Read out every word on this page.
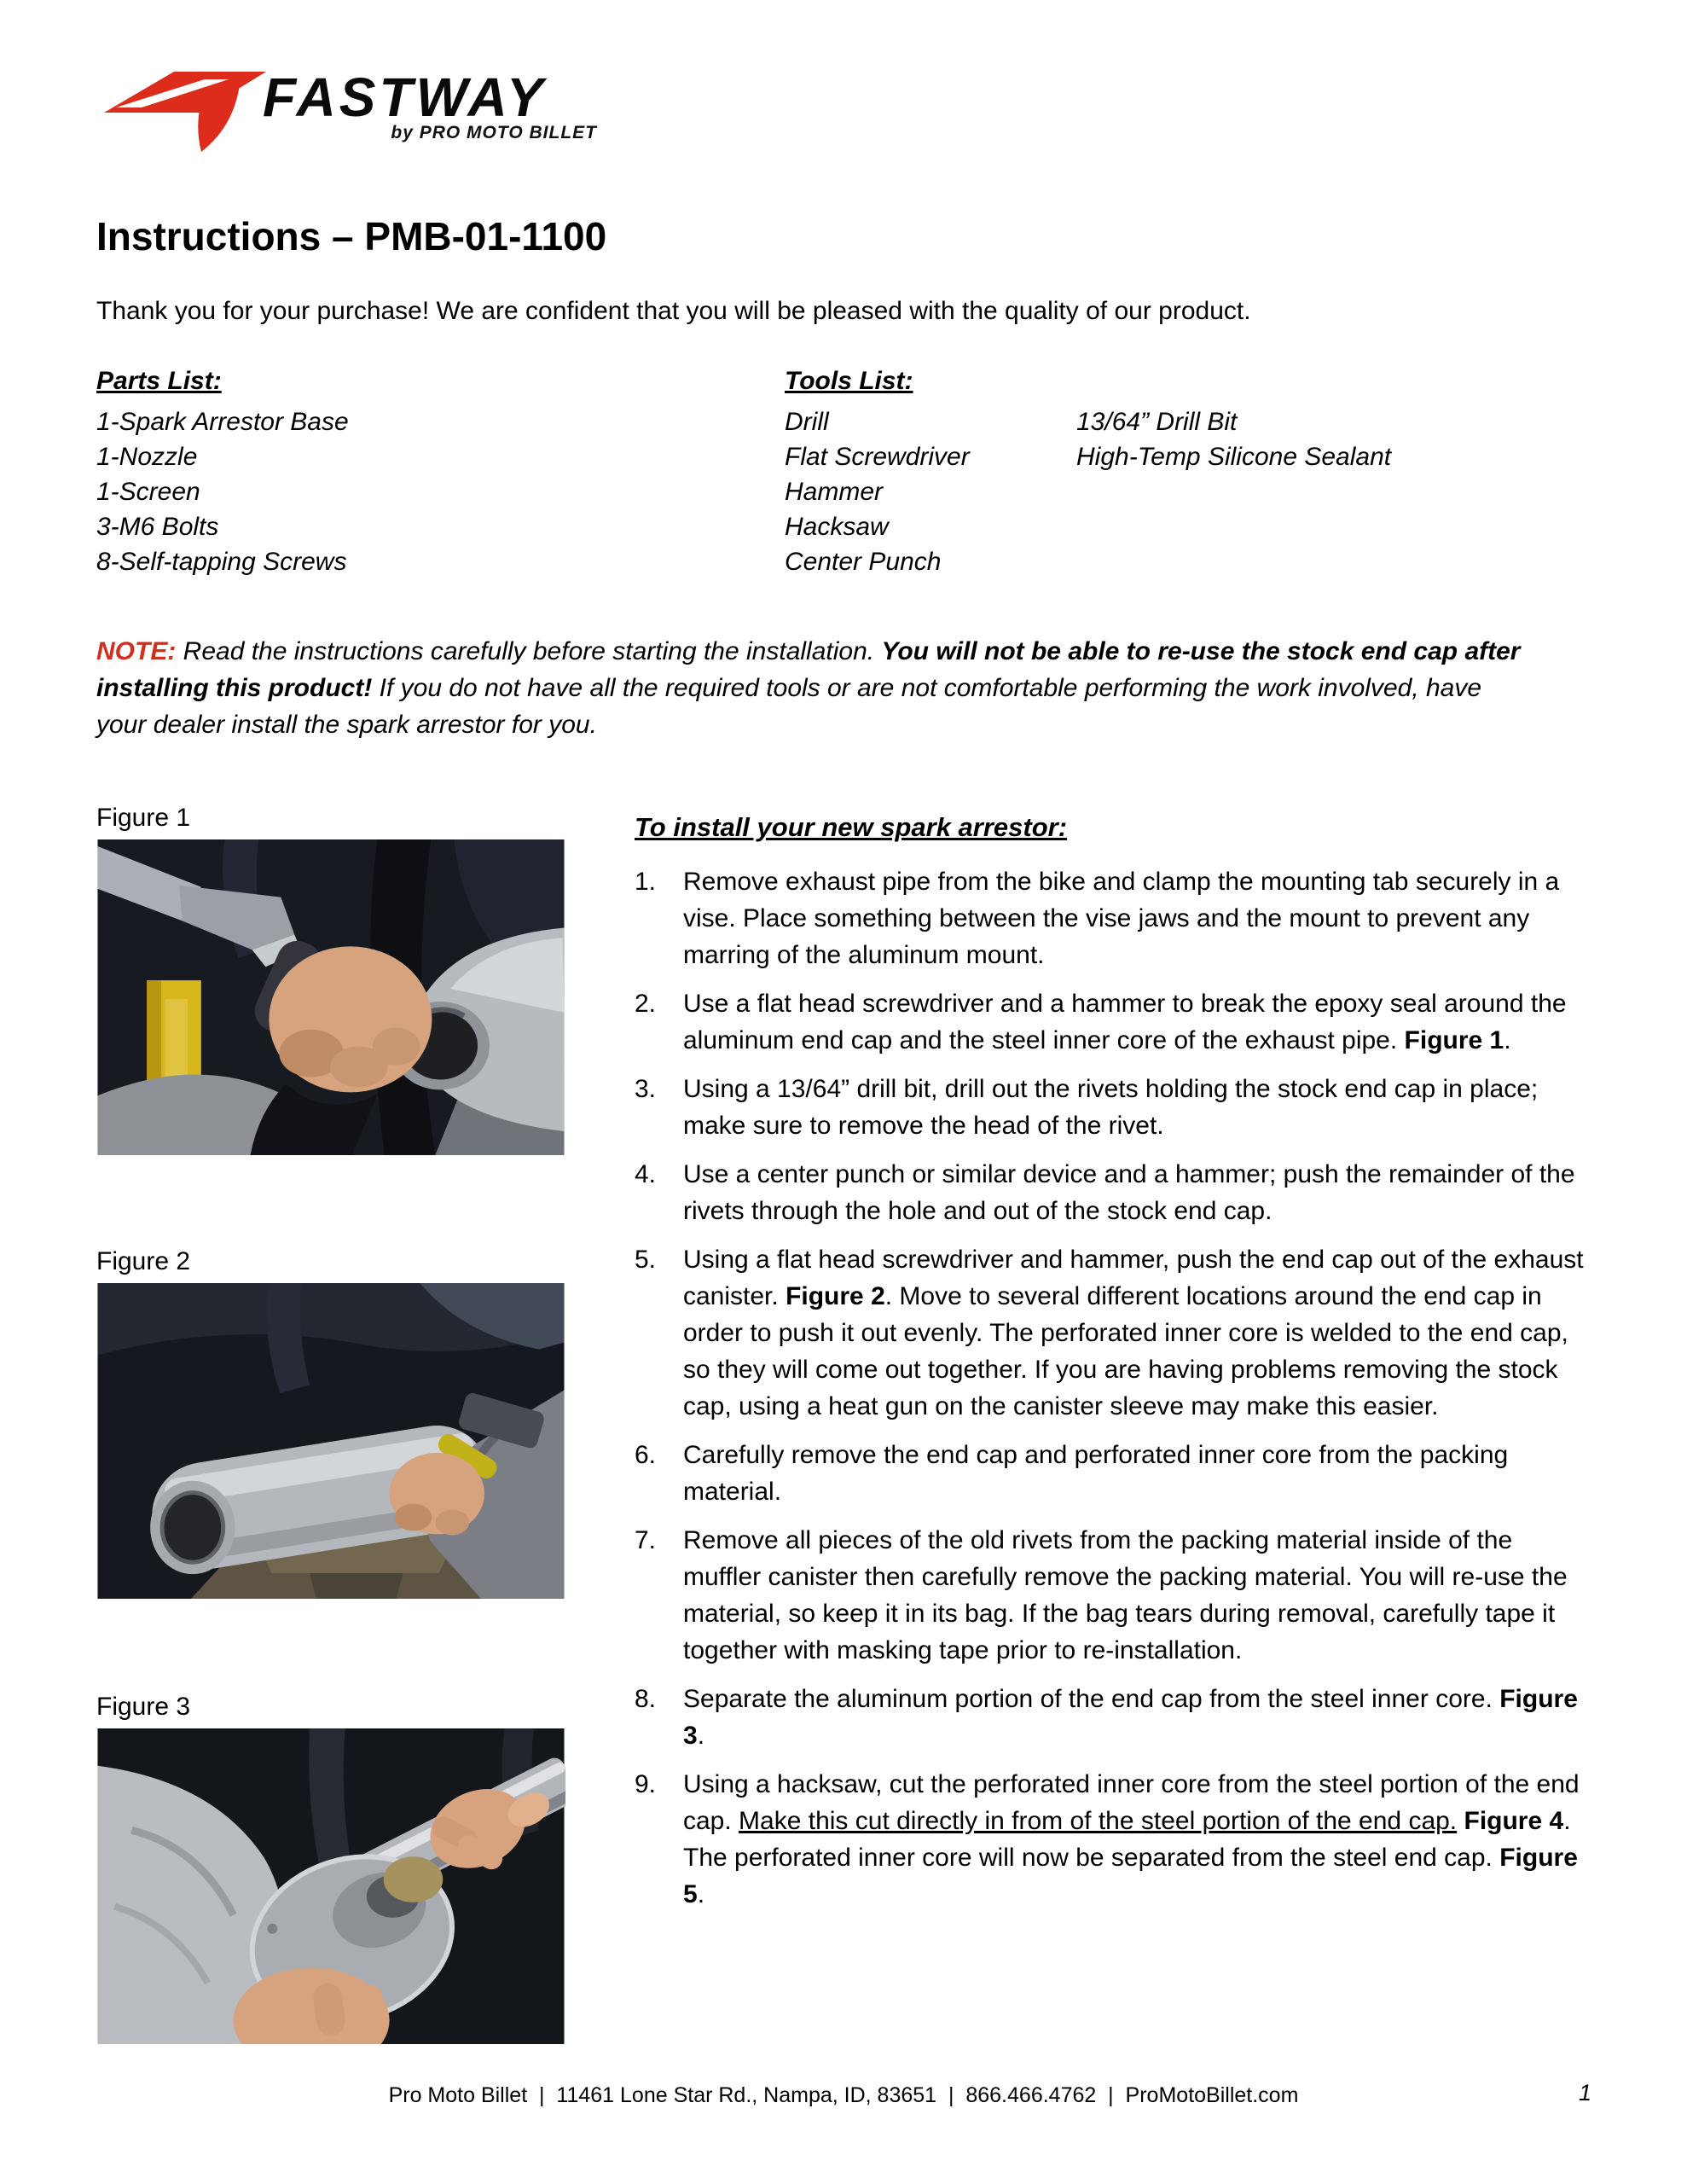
FASTWAY
by PRO MOTO BILLET
Instructions – PMB-01-1100
Thank you for your purchase! We are confident that you will be pleased with the quality of our product.
Parts List:
1-Spark Arrestor Base
1-Nozzle
1-Screen
3-M6 Bolts
8-Self-tapping Screws
Tools List:
Drill	13/64” Drill Bit
Flat Screwdriver	High-Temp Silicone Sealant
Hammer
Hacksaw
Center Punch
NOTE: Read the instructions carefully before starting the installation. You will not be able to re-use the stock end cap after installing this product! If you do not have all the required tools or are not comfortable performing the work involved, have your dealer install the spark arrestor for you.
Figure 1
Figure 2
Figure 3
To install your new spark arrestor:
1.	Remove exhaust pipe from the bike and clamp the mounting tab securely in a vise. Place something between the vise jaws and the mount to prevent any marring of the aluminum mount.
2.	Use a flat head screwdriver and a hammer to break the epoxy seal around the aluminum end cap and the steel inner core of the exhaust pipe. Figure 1.
3.	Using a 13/64” drill bit, drill out the rivets holding the stock end cap in place; make sure to remove the head of the rivet.
4.	Use a center punch or similar device and a hammer; push the remainder of the rivets through the hole and out of the stock end cap.
5.	Using a flat head screwdriver and hammer, push the end cap out of the exhaust canister. Figure 2. Move to several different locations around the end cap in order to push it out evenly. The perforated inner core is welded to the end cap, so they will come out together. If you are having problems removing the stock cap, using a heat gun on the canister sleeve may make this easier.
6.	Carefully remove the end cap and perforated inner core from the packing material.
7.	Remove all pieces of the old rivets from the packing material inside of the muffler canister then carefully remove the packing material. You will re-use the material, so keep it in its bag. If the bag tears during removal, carefully tape it together with masking tape prior to re-installation.
8.	Separate the aluminum portion of the end cap from the steel inner core. Figure 3.
9.	Using a hacksaw, cut the perforated inner core from the steel portion of the end cap. Make this cut directly in from of the steel portion of the end cap. Figure 4. The perforated inner core will now be separated from the steel end cap. Figure 5.
Pro Moto Billet  |  11461 Lone Star Rd., Nampa, ID, 83651  |  866.466.4762  |  ProMotoBillet.com	1
